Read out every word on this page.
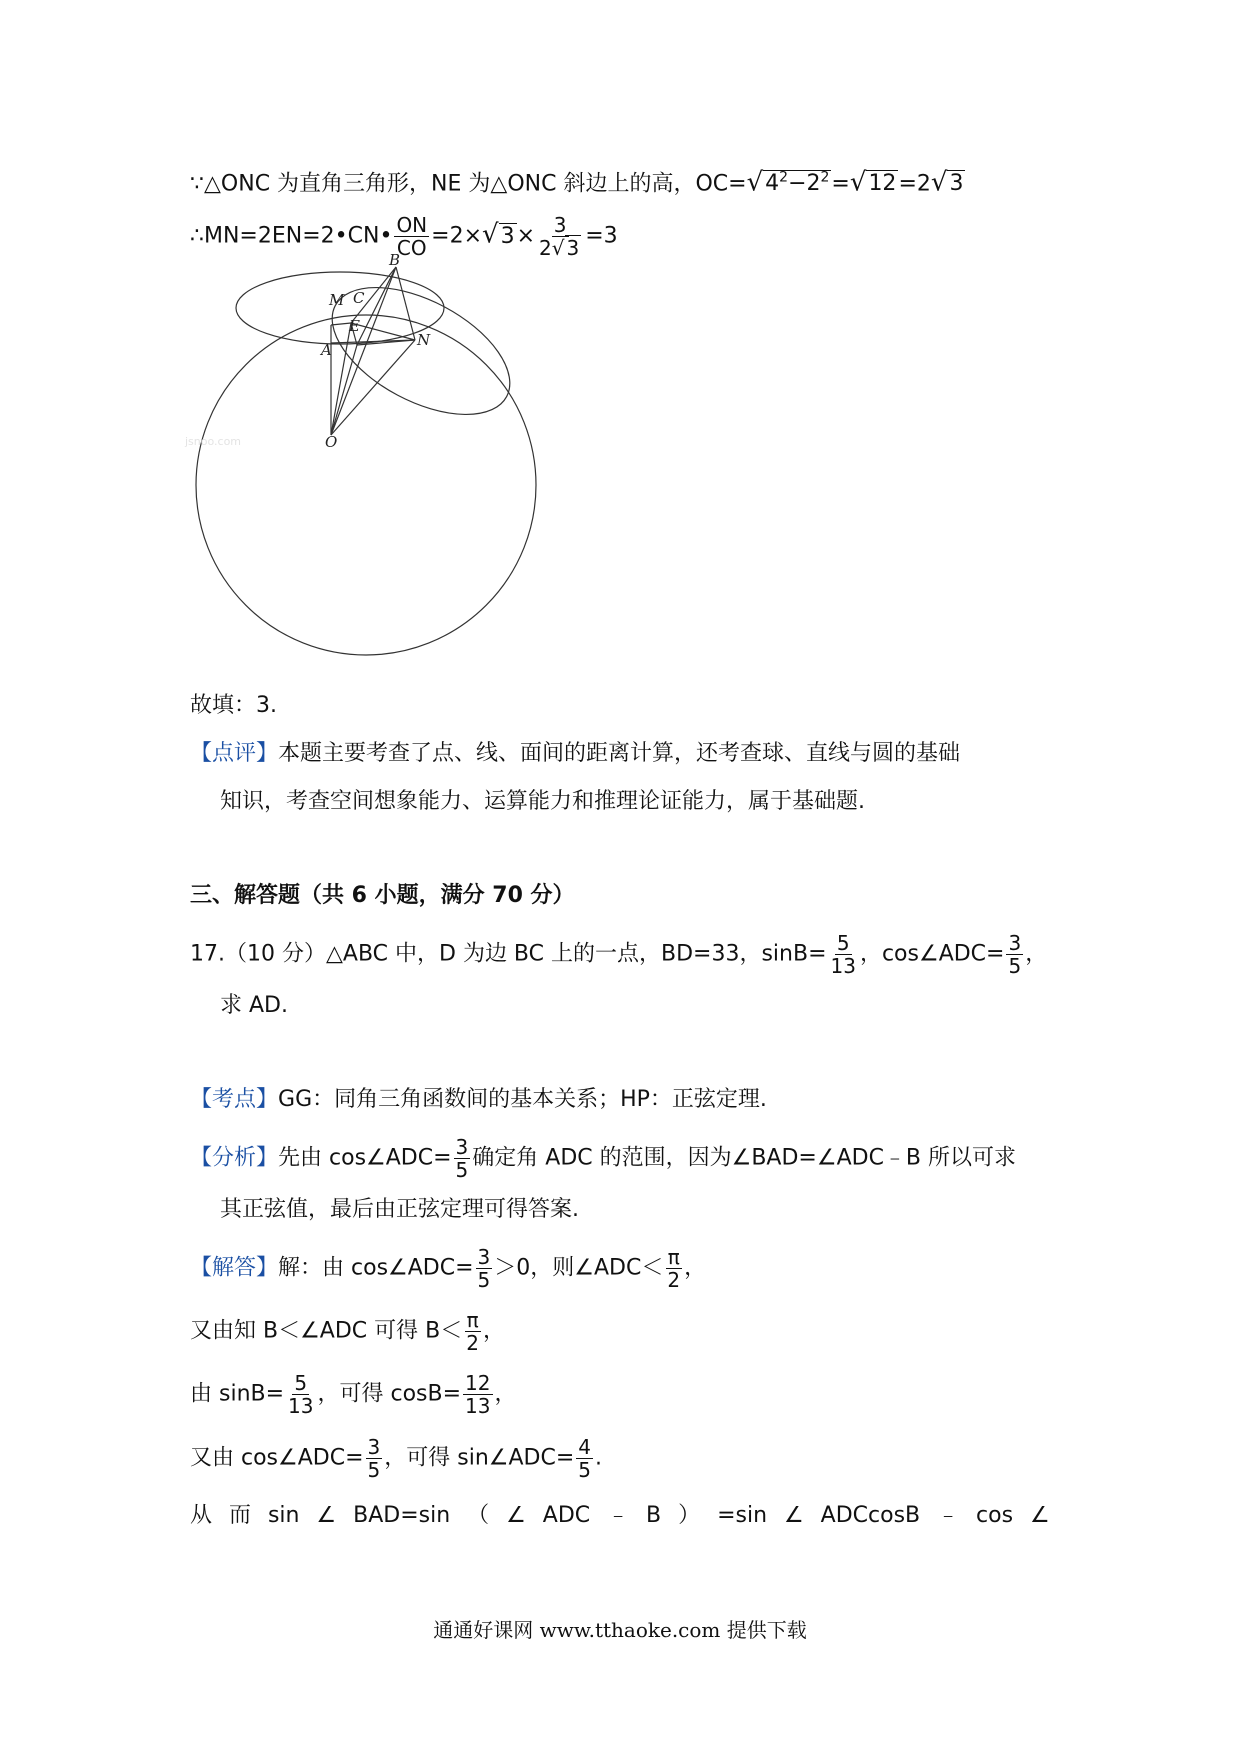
∵△ONC 为直角三角形，NE 为△ONC 斜边上的高，$OC=√4^2-2^2=√12=2√3$
∴MN=2EN=2•CN• $\frac{ON}{CO} =2\times√3\times \frac{3}{2√ 3} =3$
B
M C
E
A
N
O
jsnoo.com
故填：3.
【点评】本题主要考查了点、线、面间的距离计算，还考查球、直线与圆的基础
知识，考查空间想象能力、运算能力和推理论证能力，属于基础题.
三、解答题（共 6 小题，满分 70 分）
17.（10 分）△ABC 中，D 为边 BC 上的一点，BD=33，$\sin B= \frac{5}{13}$ ，cos∠ADC= $\frac{3}{5}$ ，
求 AD.
【考点】GG：同角三角函数间的基本关系；HP：正弦定理.
【分析】先由 cos∠ADC= $\frac{3}{5}$ 确定角 ADC 的范围，因为∠BAD=∠ADC﹣B 所以可求
其正弦值，最后由正弦定理可得答案.
【解答】解：由 cos∠ADC= $\frac{3}{5} >0$，则∠ADC＜ $\frac{\pi}{2}$ ，
又由知 B＜∠ADC 可得 $B< \frac{\pi}{2}$ ，
由 $\sin B= \frac{5}{13}$ ，可得 $\cos B= \frac{12}{13}$ ，
又由 cos∠ADC= $\frac{3}{5}$ ，可得 sin∠ADC= $\frac{4}{5}$ .
从 而 sin ∠ BAD=sin （ ∠ ADC ﹣ B ） =sin ∠ ADCcosB ﹣ cos ∠
通通好课网 www.tthaoke.com 提供下载
